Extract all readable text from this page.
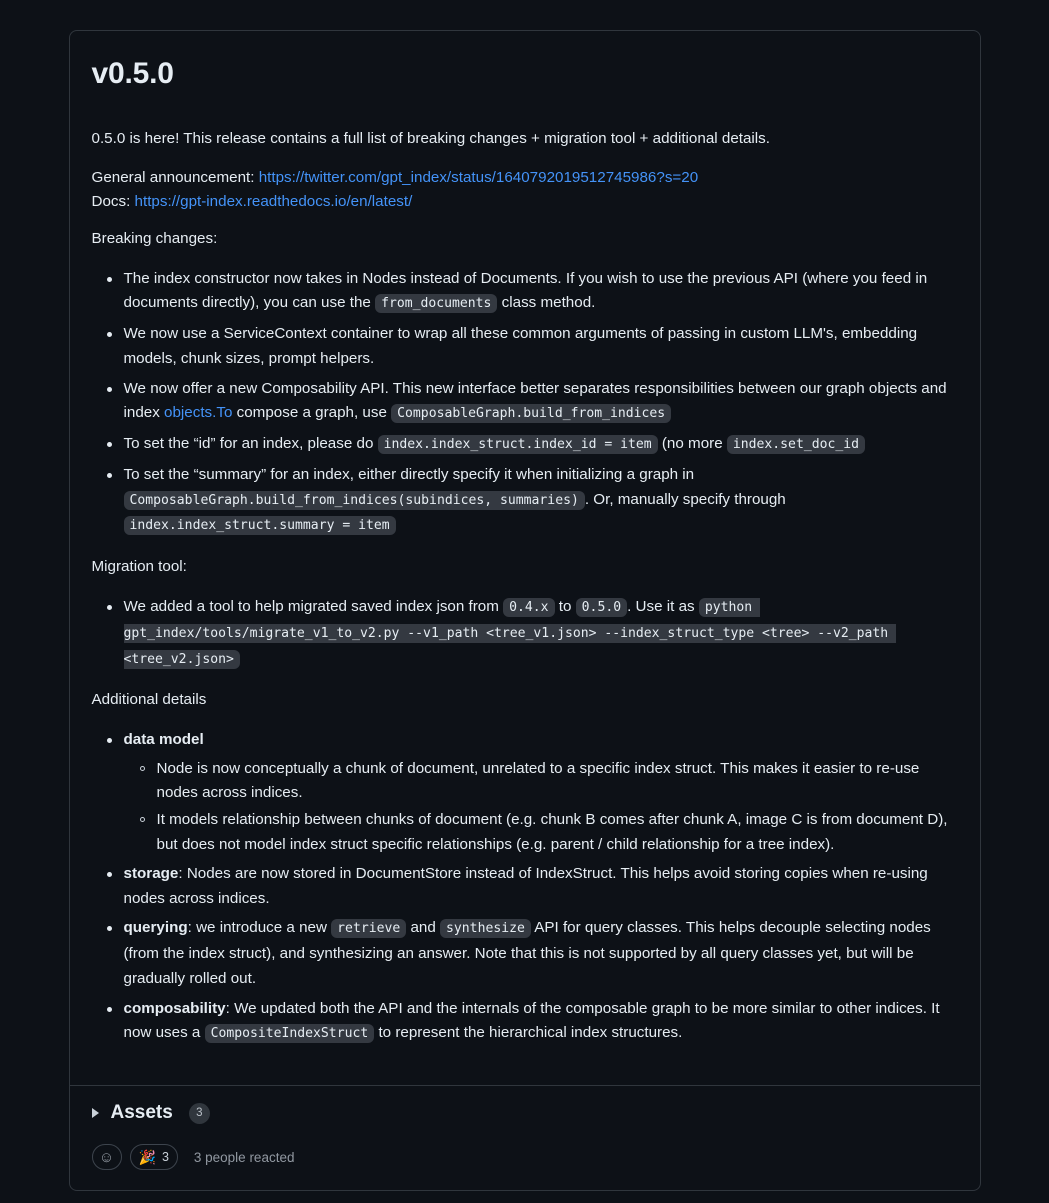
v0.5.0

0.5.0 is here! This release contains a full list of breaking changes + migration tool + additional details.

General announcement: https://twitter.com/gpt_index/status/1640792019512745986?s=20
Docs: https://gpt-index.readthedocs.io/en/latest/

Breaking changes:

The index constructor now takes in Nodes instead of Documents. If you wish to use the previous API (where you feed in documents directly), you can use the from_documents class method.
We now use a ServiceContext container to wrap all these common arguments of passing in custom LLM's, embedding models, chunk sizes, prompt helpers.
We now offer a new Composability API. This new interface better separates responsibilities between our graph objects and index objects.To compose a graph, use ComposableGraph.build_from_indices
To set the “id” for an index, please do index.index_struct.index_id = item (no more index.set_doc_id
To set the “summary” for an index, either directly specify it when initializing a graph in ComposableGraph.build_from_indices(subindices, summaries) . Or, manually specify through index.index_struct.summary = item

Migration tool:

We added a tool to help migrated saved index json from 0.4.x to 0.5.0 . Use it as python gpt_index/tools/migrate_v1_to_v2.py --v1_path <tree_v1.json> --index_struct_type <tree> --v2_path <tree_v2.json>

Additional details

data model
Node is now conceptually a chunk of document, unrelated to a specific index struct. This makes it easier to re-use nodes across indices.
It models relationship between chunks of document (e.g. chunk B comes after chunk A, image C is from document D), but does not model index struct specific relationships (e.g. parent / child relationship for a tree index).
storage: Nodes are now stored in DocumentStore instead of IndexStruct. This helps avoid storing copies when re-using nodes across indices.
querying: we introduce a new retrieve and synthesize API for query classes. This helps decouple selecting nodes (from the index struct), and synthesizing an answer. Note that this is not supported by all query classes yet, but will be gradually rolled out.
composability: We updated both the API and the internals of the composable graph to be more similar to other indices. It now uses a CompositeIndexStruct to represent the hierarchical index structures.
Assets	3
☺ 🎉 3 3 people reacted
